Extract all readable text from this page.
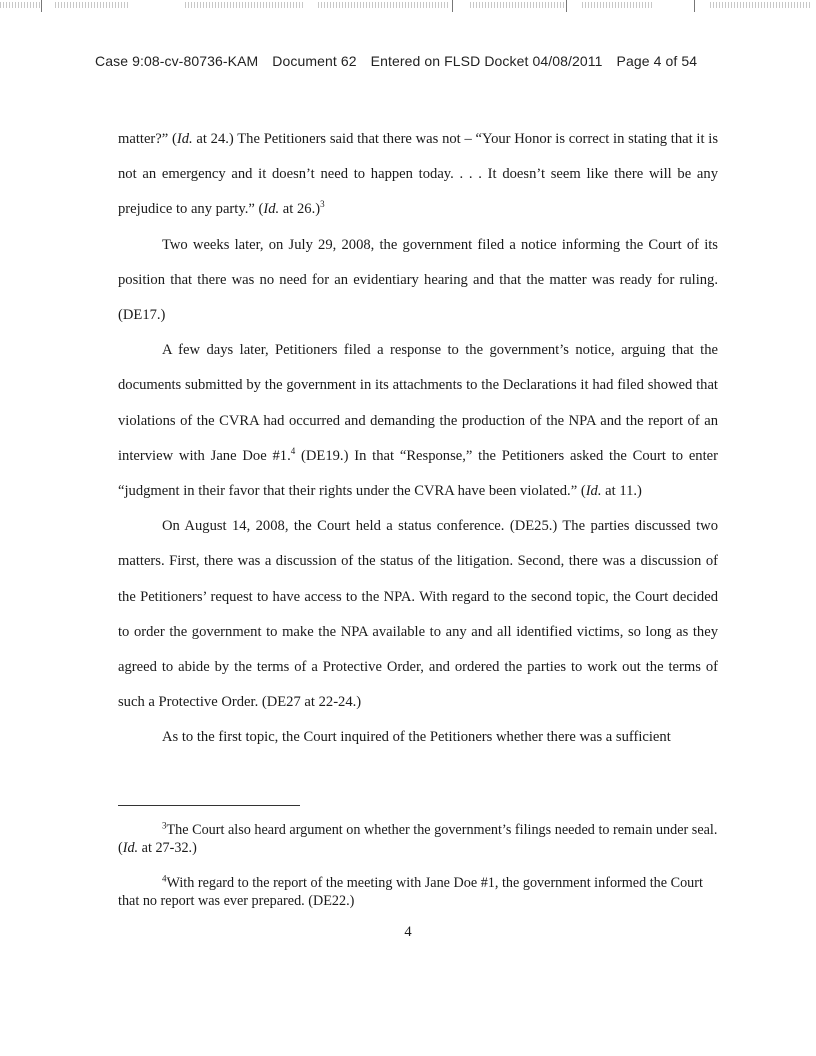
Case 9:08-cv-80736-KAM Document 62 Entered on FLSD Docket 04/08/2011 Page 4 of 54

matter?” (Id. at 24.) The Petitioners said that there was not – “Your Honor is correct in stating that it is not an emergency and it doesn’t need to happen today. . . . It doesn’t seem like there will be any prejudice to any party.” (Id. at 26.)$^3$

Two weeks later, on July 29, 2008, the government filed a notice informing the Court of its position that there was no need for an evidentiary hearing and that the matter was ready for ruling. (DE17.)

A few days later, Petitioners filed a response to the government’s notice, arguing that the documents submitted by the government in its attachments to the Declarations it had filed showed that violations of the CVRA had occurred and demanding the production of the NPA and the report of an interview with Jane Doe #1.$^4$ (DE19.) In that “Response,” the Petitioners asked the Court to enter “judgment in their favor that their rights under the CVRA have been violated.” (Id. at 11.)

On August 14, 2008, the Court held a status conference. (DE25.) The parties discussed two matters. First, there was a discussion of the status of the litigation. Second, there was a discussion of the Petitioners’ request to have access to the NPA. With regard to the second topic, the Court decided to order the government to make the NPA available to any and all identified victims, so long as they agreed to abide by the terms of a Protective Order, and ordered the parties to work out the terms of such a Protective Order. (DE27 at 22-24.)

As to the first topic, the Court inquired of the Petitioners whether there was a sufficient

$^3$The Court also heard argument on whether the government’s filings needed to remain under seal. (Id. at 27-32.)

$^4$With regard to the report of the meeting with Jane Doe #1, the government informed the Court that no report was ever prepared. (DE22.)

4
